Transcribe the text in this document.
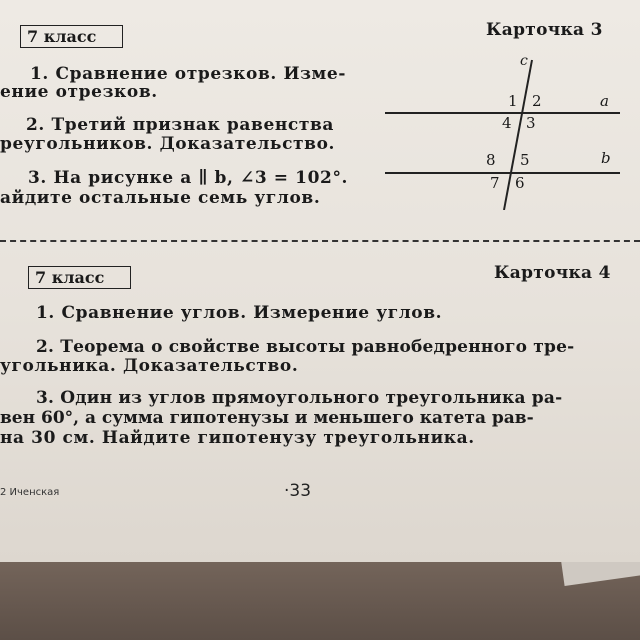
7 класс	Карточка 3
1. Сравнение отрезков. Изме-
ение отрезков.
2. Третий признак равенства
реугольников. Доказательство.
3. На рисунке a ∥ b, ∠3 = 102°.
айдите остальные семь углов.
c
a
b
1 2
4 3
8 5
7 6
7 класс	Карточка 4
1. Сравнение углов. Измерение углов.
2. Теорема о свойстве высоты равнобедренного тре-
угольника. Доказательство.
3. Один из углов прямоугольного треугольника ра-
вен 60°, а сумма гипотенузы и меньшего катета рав-
на 30 см. Найдите гипотенузу треугольника.
2 Иченская	·33
